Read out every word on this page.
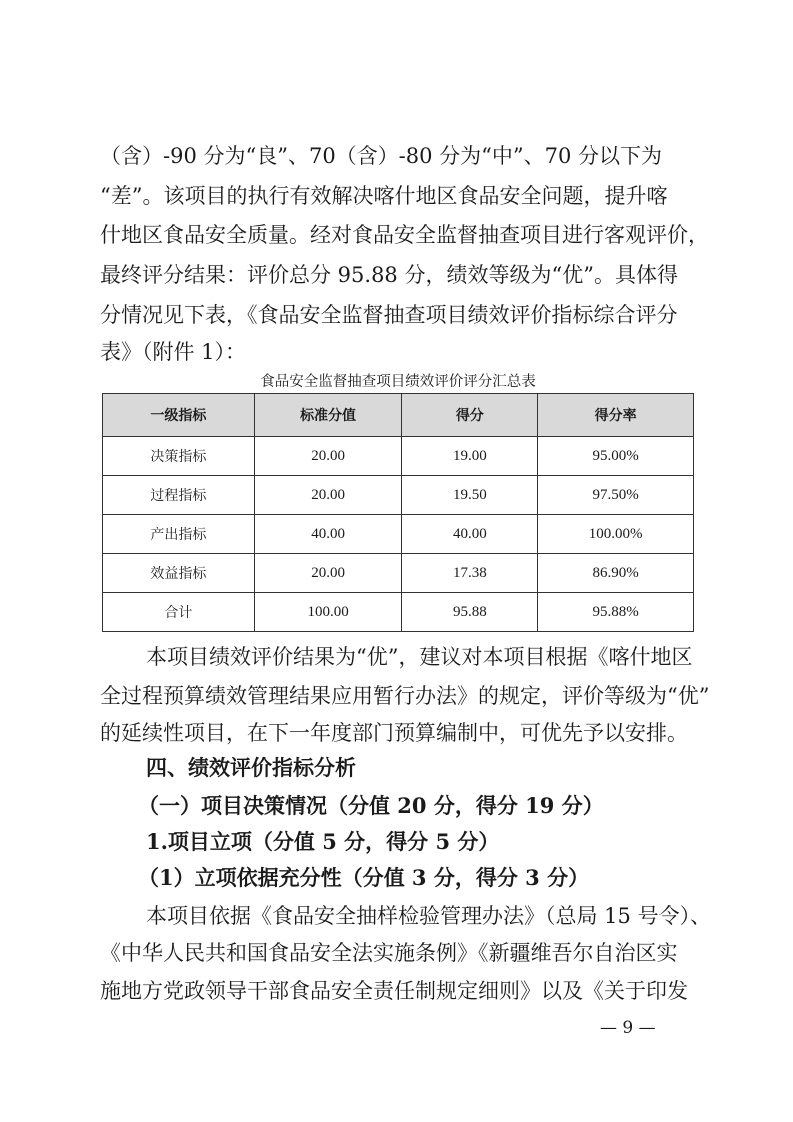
（含）-90 分为“良”、70（含）-80 分为“中”、70 分以下为
“差”。该项目的执行有效解决喀什地区食品安全问题，提升喀
什地区食品安全质量。经对食品安全监督抽查项目进行客观评价，
最终评分结果：评价总分 95.88 分，绩效等级为“优”。具体得
分情况见下表，《食品安全监督抽查项目绩效评价指标综合评分
表》（附件 1）：
食品安全监督抽查项目绩效评价评分汇总表
一级指标	标准分值	得分	得分率
决策指标	20.00	19.00	95.00%
过程指标	20.00	19.50	97.50%
产出指标	40.00	40.00	100.00%
效益指标	20.00	17.38	86.90%
合计	100.00	95.88	95.88%
本项目绩效评价结果为“优”，建议对本项目根据《喀什地区
全过程预算绩效管理结果应用暂行办法》的规定，评价等级为“优”
的延续性项目，在下一年度部门预算编制中，可优先予以安排。
四、绩效评价指标分析
（一）项目决策情况（分值 20 分，得分 19 分）
1.项目立项（分值 5 分，得分 5 分）
（1）立项依据充分性（分值 3 分，得分 3 分）
本项目依据《食品安全抽样检验管理办法》（总局 15 号令）、
《中华人民共和国食品安全法实施条例》《新疆维吾尔自治区实
施地方党政领导干部食品安全责任制规定细则》以及《关于印发
— 9 —
